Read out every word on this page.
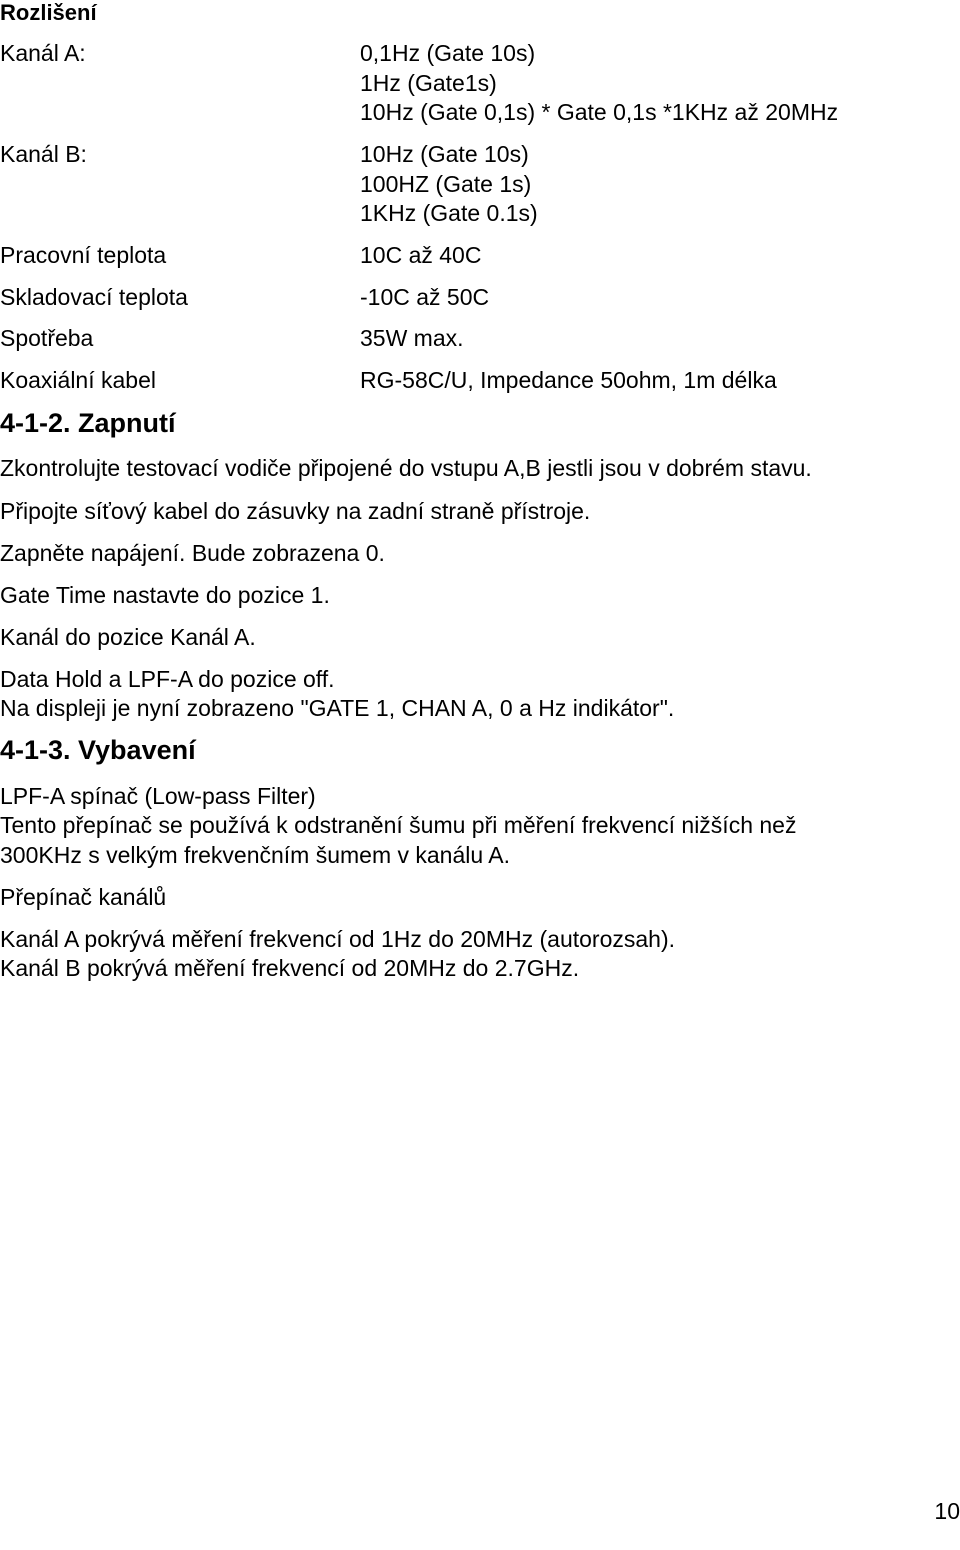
Rozlišení
Kanál A:	0,1Hz (Gate 10s)
1Hz (Gate1s)
10Hz (Gate 0,1s) * Gate 0,1s *1KHz až 20MHz
Kanál B:	10Hz (Gate 10s)
100HZ (Gate 1s)
1KHz (Gate 0.1s)
Pracovní teplota	10C až 40C
Skladovací teplota	-10C až 50C
Spotřeba	35W max.
Koaxiální kabel	RG-58C/U, Impedance 50ohm, 1m délka
4-1-2. Zapnutí
Zkontrolujte testovací vodiče připojené do vstupu A,B jestli jsou v dobrém stavu.
Připojte síťový kabel do zásuvky na zadní straně přístroje.
Zapněte napájení. Bude zobrazena 0.
Gate Time nastavte do pozice 1.
Kanál do pozice Kanál A.
Data Hold a LPF-A do pozice off.
Na displeji je nyní zobrazeno "GATE 1, CHAN A, 0 a Hz indikátor".
4-1-3. Vybavení
LPF-A spínač (Low-pass Filter)
Tento přepínač se používá k odstranění šumu při měření frekvencí nižších než
300KHz s velkým frekvenčním šumem v kanálu A.
Přepínač kanálů
Kanál A pokrývá měření frekvencí od 1Hz do 20MHz (autorozsah).
Kanál B pokrývá měření frekvencí od 20MHz do 2.7GHz.
10
